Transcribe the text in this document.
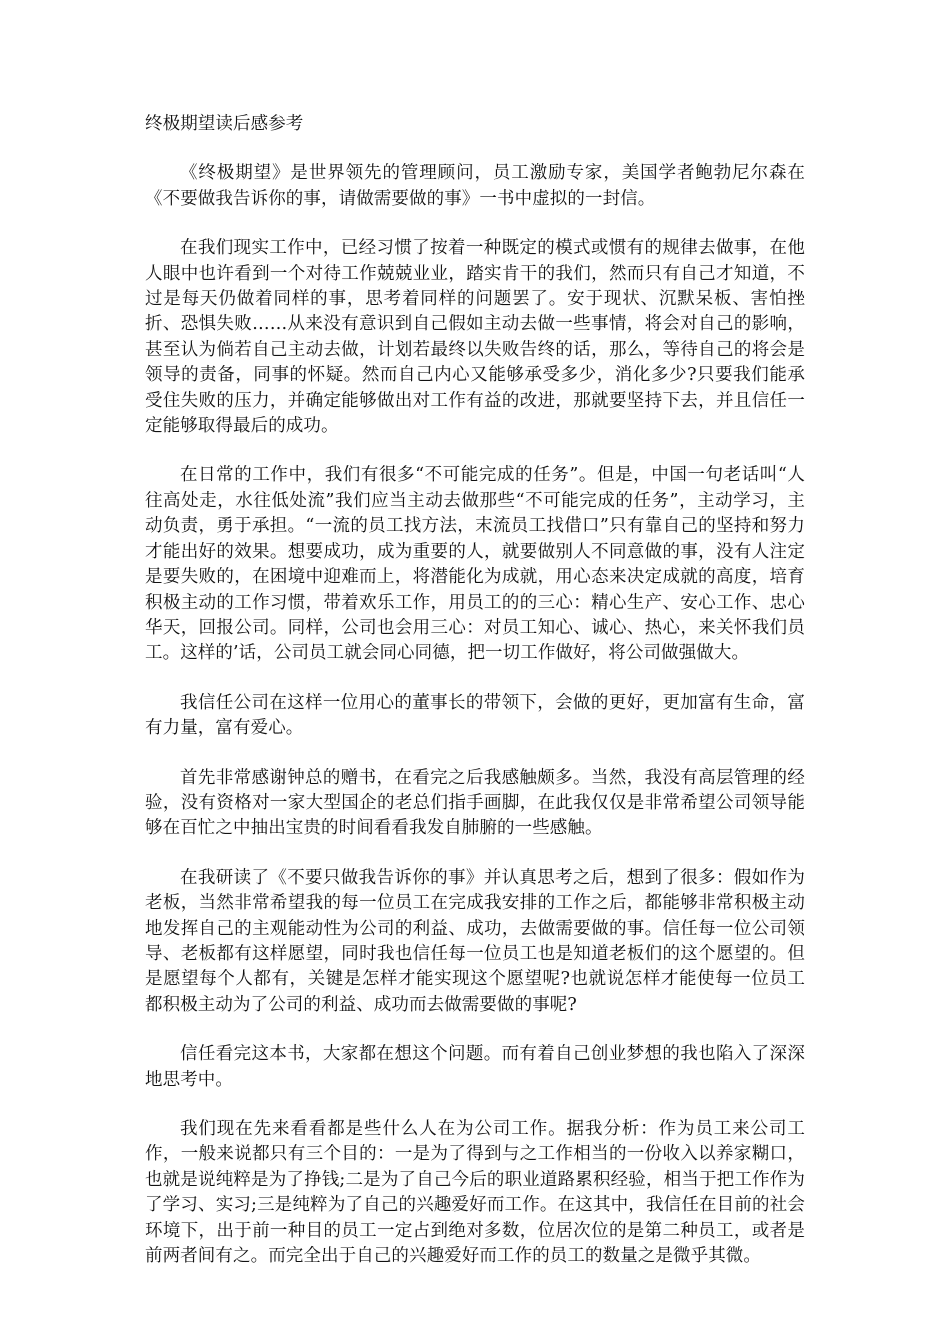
终极期望读后感参考

《终极期望》是世界领先的管理顾问，员工激励专家，美国学者鲍勃尼尔森在《不要做我告诉你的事，请做需要做的事》一书中虚拟的一封信。

在我们现实工作中，已经习惯了按着一种既定的模式或惯有的规律去做事，在他人眼中也许看到一个对待工作兢兢业业，踏实肯干的我们，然而只有自己才知道，不过是每天仍做着同样的事，思考着同样的问题罢了。安于现状、沉默呆板、害怕挫折、恐惧失败……从来没有意识到自己假如主动去做一些事情，将会对自己的影响，甚至认为倘若自己主动去做，计划若最终以失败告终的话，那么，等待自己的将会是领导的责备，同事的怀疑。然而自己内心又能够承受多少，消化多少?只要我们能承受住失败的压力，并确定能够做出对工作有益的改进，那就要坚持下去，并且信任一定能够取得最后的成功。

在日常的工作中，我们有很多“不可能完成的任务”。但是，中国一句老话叫“人往高处走，水往低处流”我们应当主动去做那些“不可能完成的任务”，主动学习，主动负责，勇于承担。“一流的员工找方法，末流员工找借口”只有靠自己的坚持和努力才能出好的效果。想要成功，成为重要的人，就要做别人不同意做的事，没有人注定是要失败的，在困境中迎难而上，将潜能化为成就，用心态来决定成就的高度，培育积极主动的工作习惯，带着欢乐工作，用员工的的三心：精心生产、安心工作、忠心华天，回报公司。同样，公司也会用三心：对员工知心、诚心、热心，来关怀我们员工。这样的’话，公司员工就会同心同德，把一切工作做好，将公司做强做大。

我信任公司在这样一位用心的董事长的带领下，会做的更好，更加富有生命，富有力量，富有爱心。

首先非常感谢钟总的赠书，在看完之后我感触颇多。当然，我没有高层管理的经验，没有资格对一家大型国企的老总们指手画脚，在此我仅仅是非常希望公司领导能够在百忙之中抽出宝贵的时间看看我发自肺腑的一些感触。

在我研读了《不要只做我告诉你的事》并认真思考之后，想到了很多：假如作为老板，当然非常希望我的每一位员工在完成我安排的工作之后，都能够非常积极主动地发挥自己的主观能动性为公司的利益、成功，去做需要做的事。信任每一位公司领导、老板都有这样愿望，同时我也信任每一位员工也是知道老板们的这个愿望的。但是愿望每个人都有，关键是怎样才能实现这个愿望呢?也就说怎样才能使每一位员工都积极主动为了公司的利益、成功而去做需要做的事呢?

信任看完这本书，大家都在想这个问题。而有着自己创业梦想的我也陷入了深深地思考中。

我们现在先来看看都是些什么人在为公司工作。据我分析：作为员工来公司工作，一般来说都只有三个目的：一是为了得到与之工作相当的一份收入以养家糊口，也就是说纯粹是为了挣钱;二是为了自己今后的职业道路累积经验，相当于把工作作为了学习、实习;三是纯粹为了自己的兴趣爱好而工作。在这其中，我信任在目前的社会环境下，出于前一种目的员工一定占到绝对多数，位居次位的是第二种员工，或者是前两者间有之。而完全出于自己的兴趣爱好而工作的员工的数量之是微乎其微。
